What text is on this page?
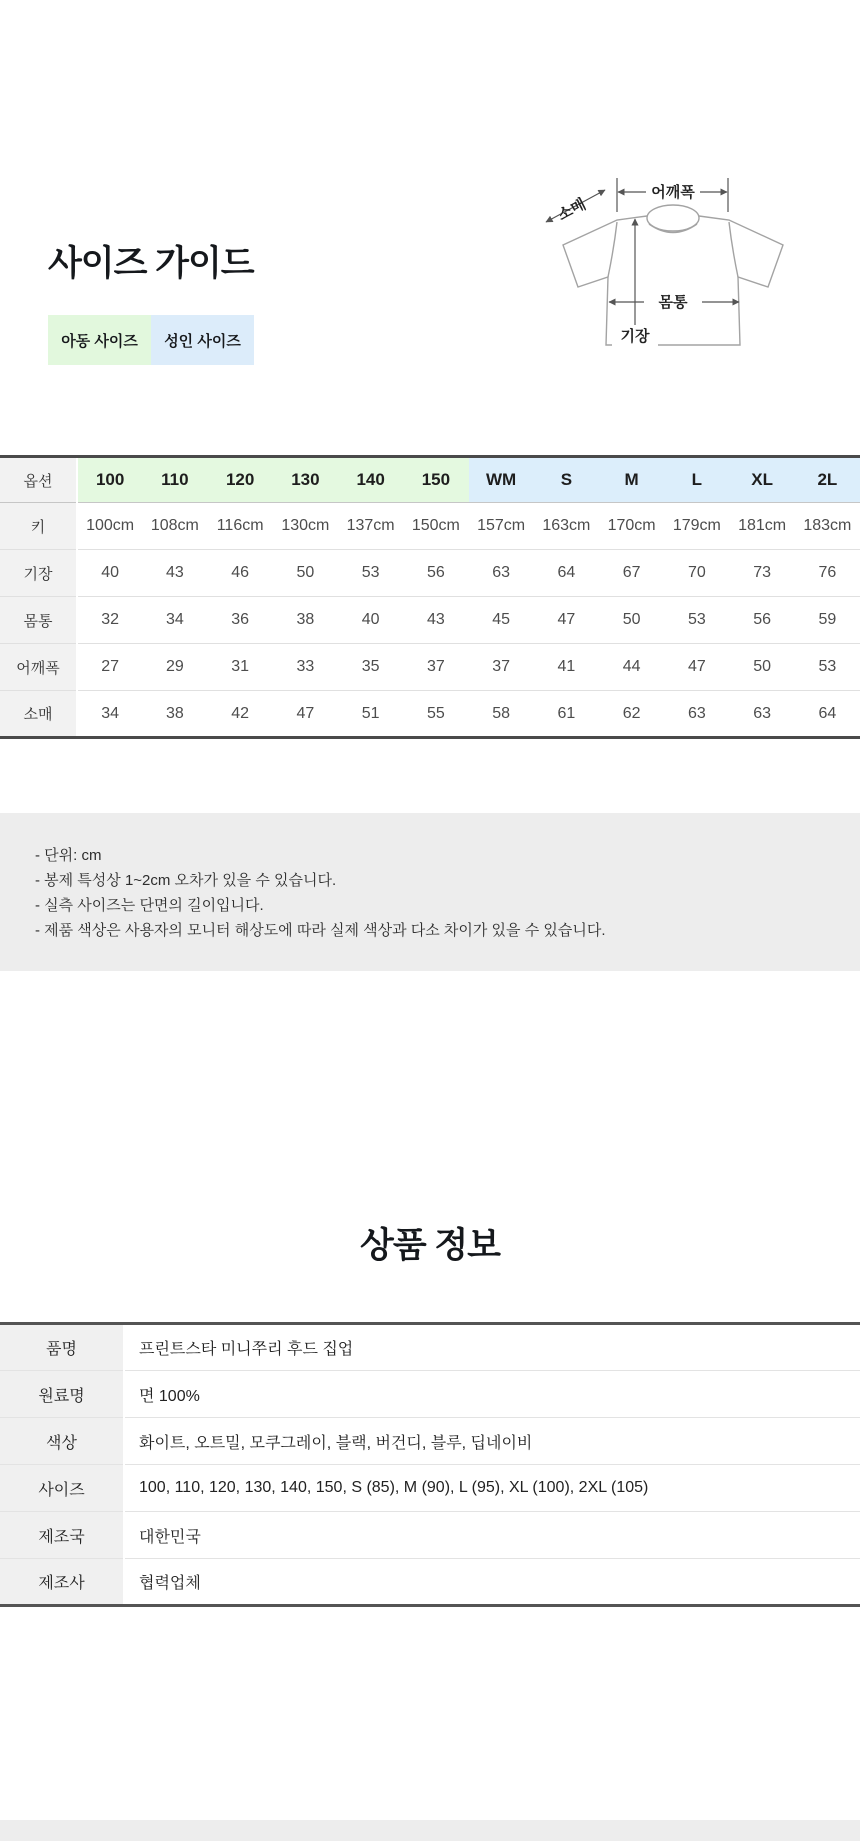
사이즈 가이드
아동 사이즈	성인 사이즈
어깨폭
소매
몸통
기장
옵션	100	110	120	130	140	150	WM	S	M	L	XL	2L
키	100cm	108cm	116cm	130cm	137cm	150cm	157cm	163cm	170cm	179cm	181cm	183cm
기장	40	43	46	50	53	56	63	64	67	70	73	76
몸통	32	34	36	38	40	43	45	47	50	53	56	59
어깨폭	27	29	31	33	35	37	37	41	44	47	50	53
소매	34	38	42	47	51	55	58	61	62	63	63	64
- 단위: cm
- 봉제 특성상 1~2cm 오차가 있을 수 있습니다.
- 실측 사이즈는 단면의 길이입니다.
- 제품 색상은 사용자의 모니터 해상도에 따라 실제 색상과 다소 차이가 있을 수 있습니다.
상품 정보
품명	프린트스타 미니쭈리 후드 집업
원료명	면 100%
색상	화이트, 오트밀, 모쿠그레이, 블랙, 버건디, 블루, 딥네이비
사이즈	100, 110, 120, 130, 140, 150, S (85), M (90), L (95), XL (100), 2XL (105)
제조국	대한민국
제조사	협력업체
